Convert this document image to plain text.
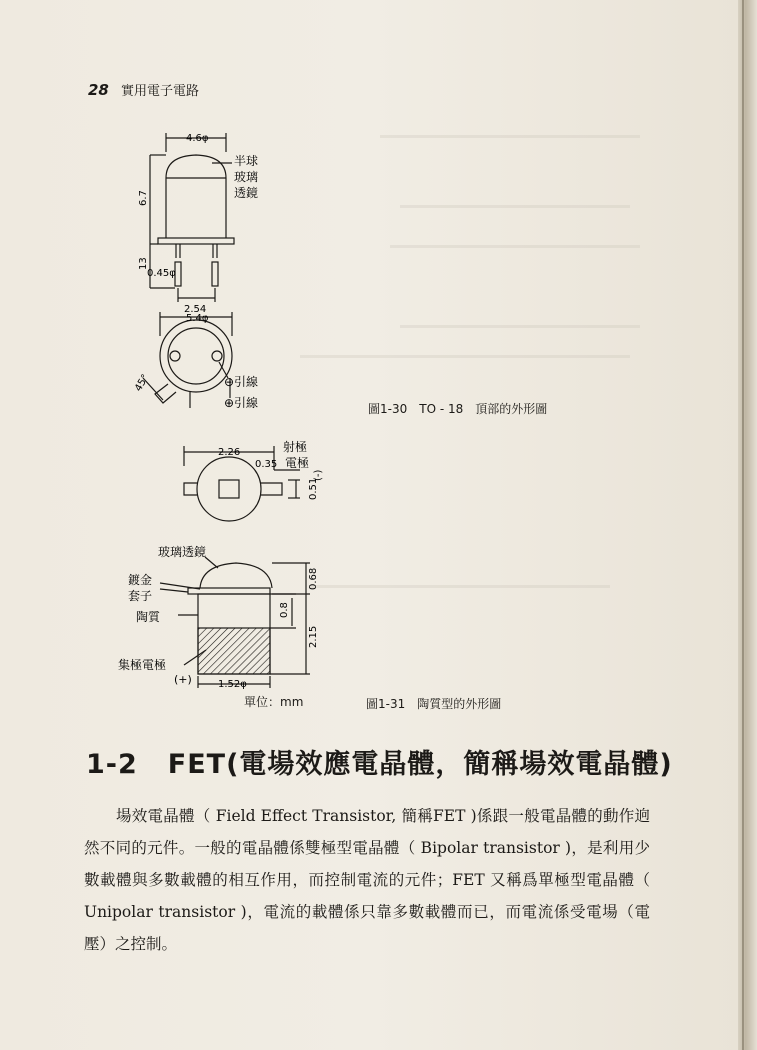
28 實用電子電路
4.6φ
6.7
13
0.45φ
2.54
半球
玻璃
透鏡
5.4φ
45°	⊖引線
⊕引線
2.26
0.35
0.51
射極
電極
(-)
0.68
0.8
2.15
1.52φ
玻璃透鏡
鍍金
套子
陶質
集極電極
(+)
圖1-30　TO - 18　頂部的外形圖
單位：mm	圖1-31　陶質型的外形圖
1-2 FET(電場效應電晶體，簡稱場效電晶體)

場效電晶體（ Field Effect Transistor, 簡稱FET )係跟一般電晶體的動作逈然不同的元件。一般的電晶體係雙極型電晶體（ Bipolar transistor )，是利用少數載體與多數載體的相互作用，而控制電流的元件；FET 又稱爲單極型電晶體（ Unipolar transistor )，電流的載體係只靠多數載體而已，而電流係受電場（電壓）之控制。
